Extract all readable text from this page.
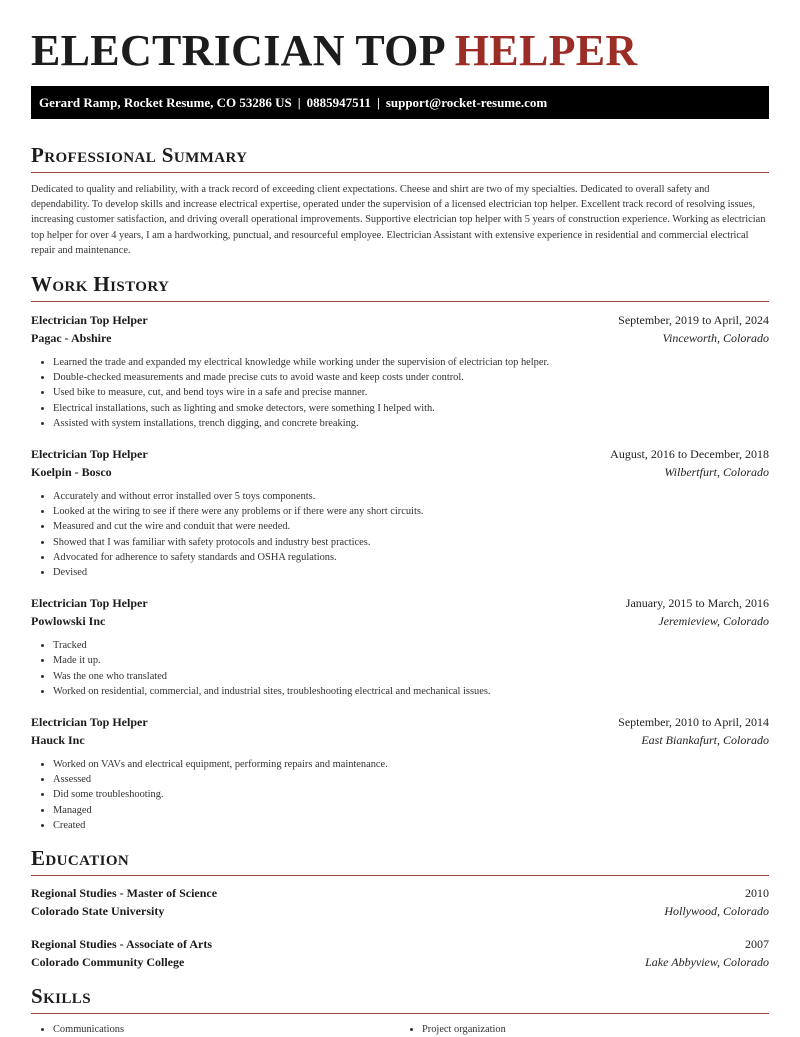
ELECTRICIAN TOP HELPER
Gerard Ramp, Rocket Resume, CO 53286 US | 0885947511 | support@rocket-resume.com
Professional Summary

Dedicated to quality and reliability, with a track record of exceeding client expectations. Cheese and shirt are two of my specialties. Dedicated to overall safety and dependability. To develop skills and increase electrical expertise, operated under the supervision of a licensed electrician top helper. Excellent track record of resolving issues, increasing customer satisfaction, and driving overall operational improvements. Supportive electrician top helper with 5 years of construction experience. Working as electrician top helper for over 4 years, I am a hardworking, punctual, and resourceful employee. Electrician Assistant with extensive experience in residential and commercial electrical repair and maintenance.

Work History
Electrician Top Helper	September, 2019 to April, 2024
Pagac - Abshire	Vinceworth, Colorado
• Learned the trade and expanded my electrical knowledge while working under the supervision of electrician top helper.
• Double-checked measurements and made precise cuts to avoid waste and keep costs under control.
• Used bike to measure, cut, and bend toys wire in a safe and precise manner.
• Electrical installations, such as lighting and smoke detectors, were something I helped with.
• Assisted with system installations, trench digging, and concrete breaking.
Electrician Top Helper	August, 2016 to December, 2018
Koelpin - Bosco	Wilbertfurt, Colorado
• Accurately and without error installed over 5 toys components.
• Looked at the wiring to see if there were any problems or if there were any short circuits.
• Measured and cut the wire and conduit that were needed.
• Showed that I was familiar with safety protocols and industry best practices.
• Advocated for adherence to safety standards and OSHA regulations.
• Devised
Electrician Top Helper	January, 2015 to March, 2016
Powlowski Inc	Jeremieview, Colorado
• Tracked
• Made it up.
• Was the one who translated
• Worked on residential, commercial, and industrial sites, troubleshooting electrical and mechanical issues.
Electrician Top Helper	September, 2010 to April, 2014
Hauck Inc	East Biankafurt, Colorado
• Worked on VAVs and electrical equipment, performing repairs and maintenance.
• Assessed
• Did some troubleshooting.
• Managed
• Created
Education
Regional Studies - Master of Science	2010
Colorado State University	Hollywood, Colorado
Regional Studies - Associate of Arts	2007
Colorado Community College	Lake Abbyview, Colorado
Skills
• Communications
•	Project organization
